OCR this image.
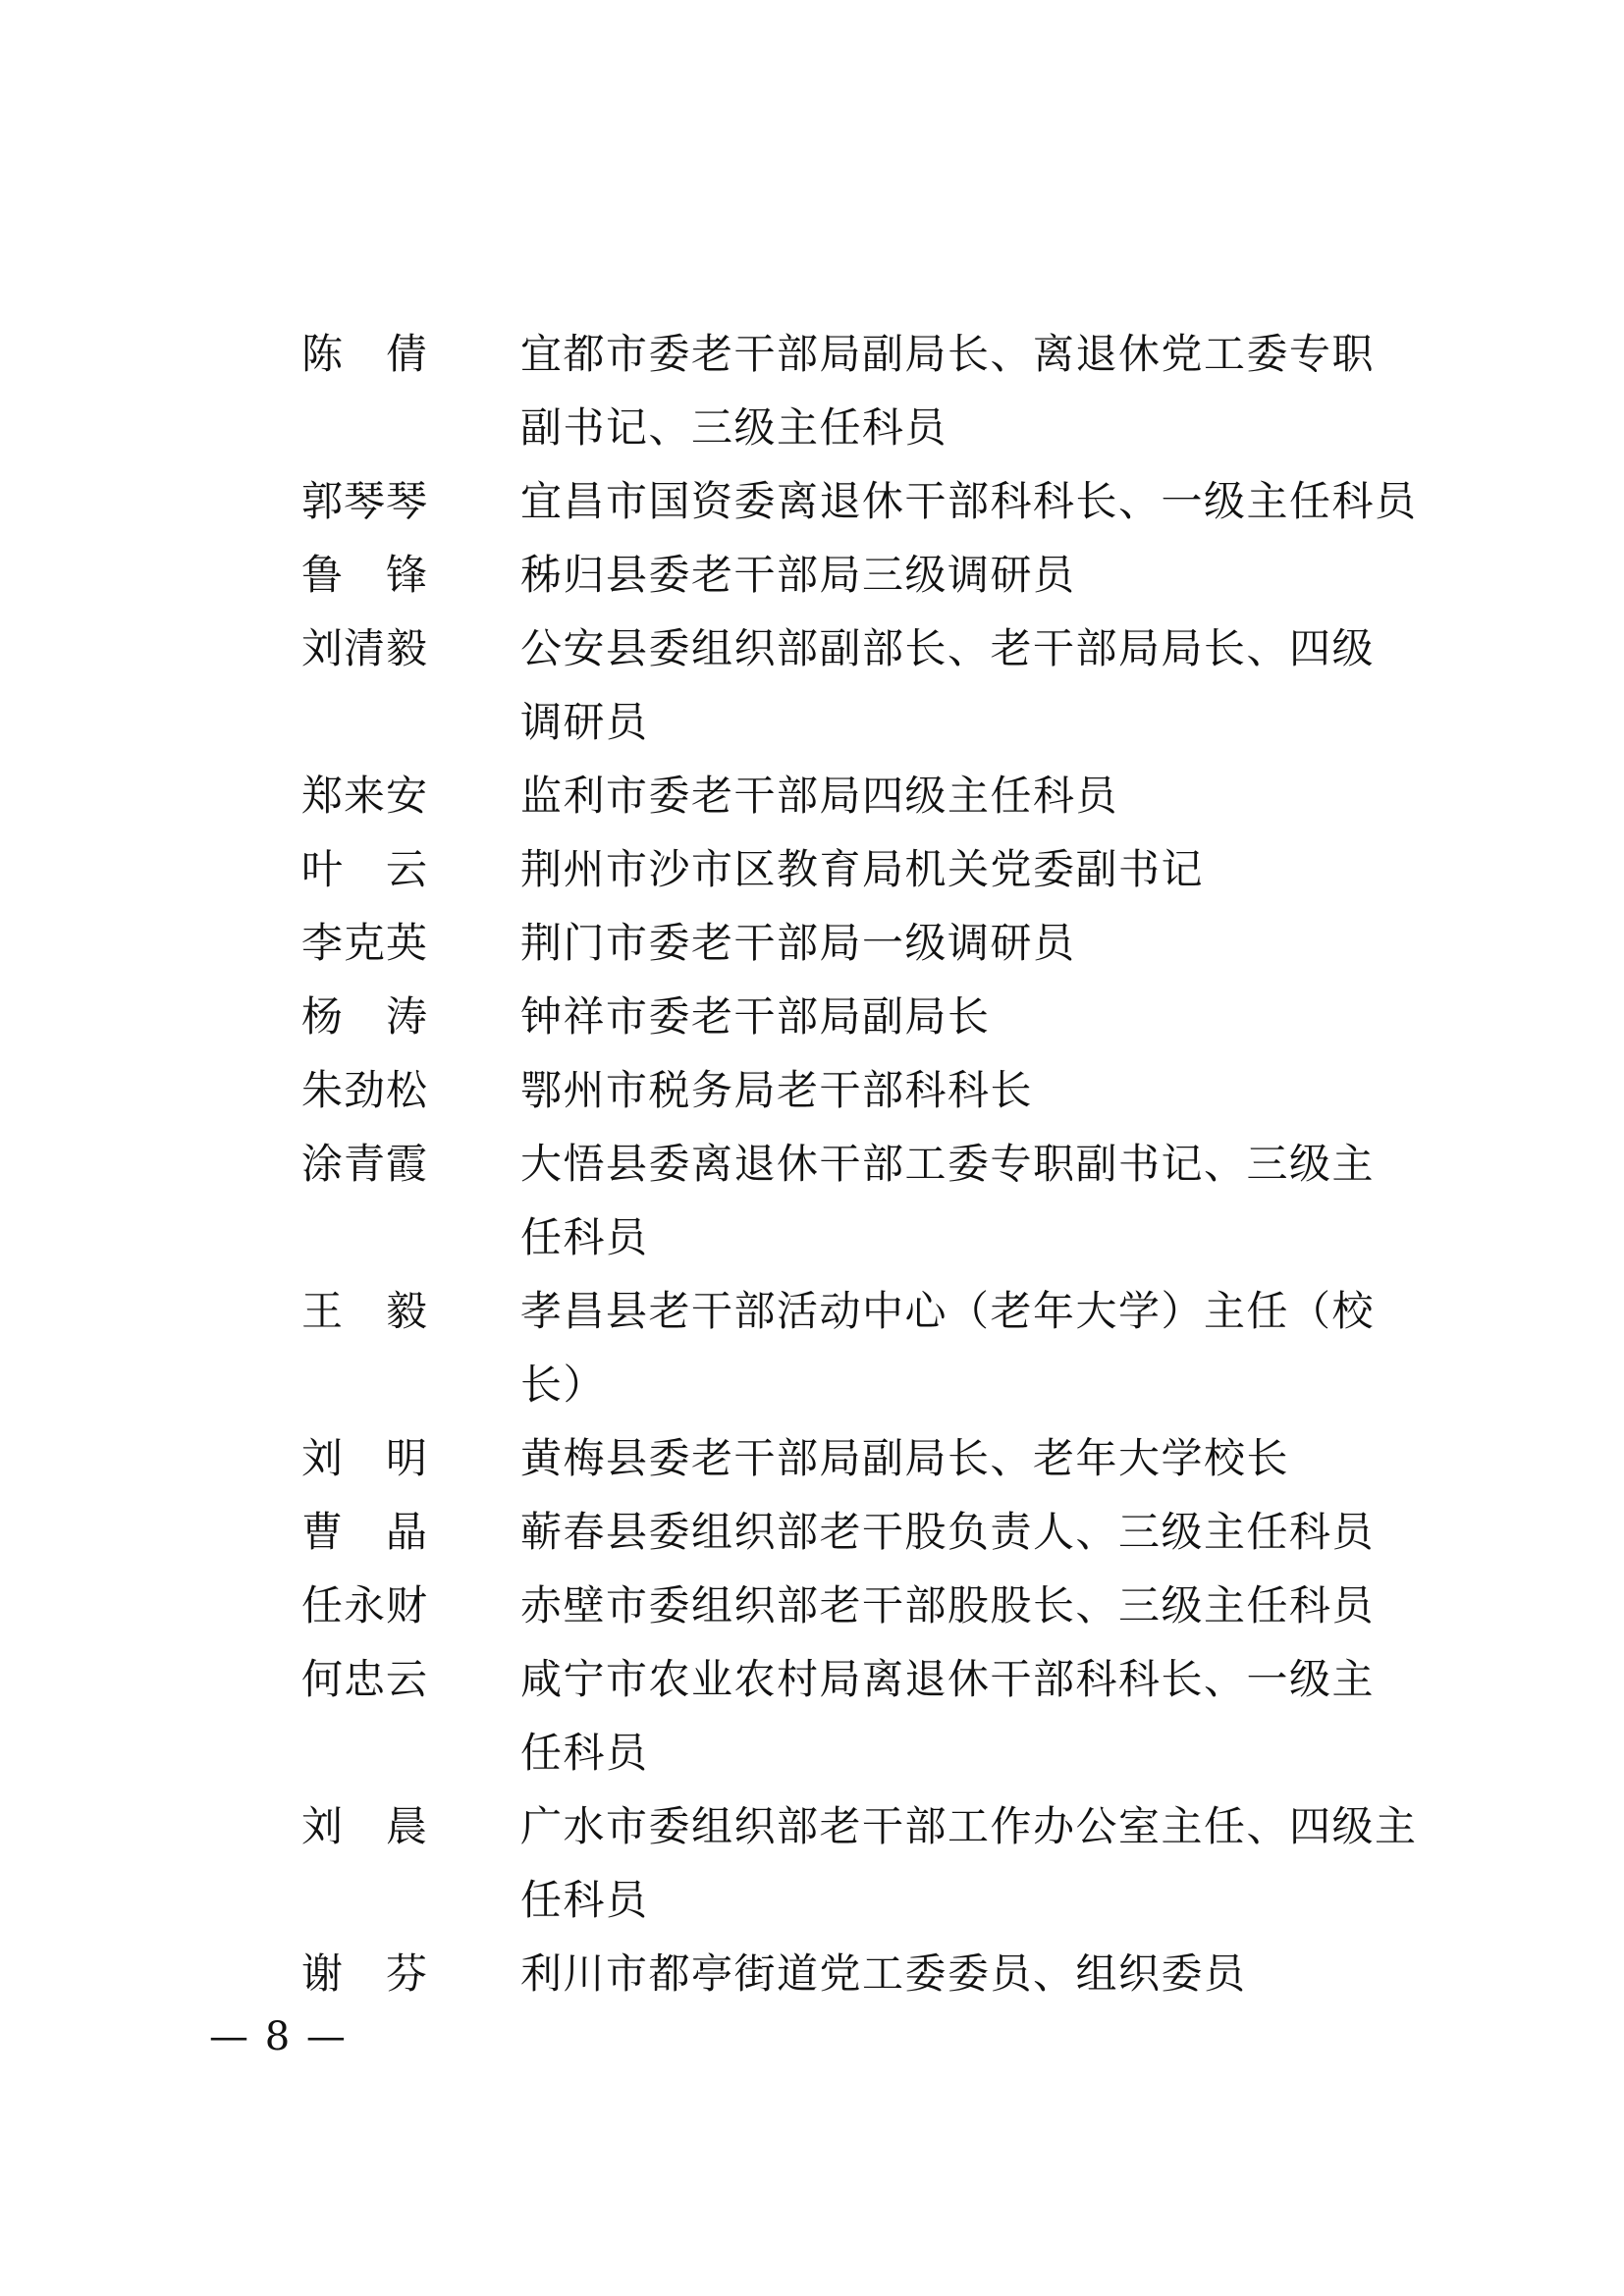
陈 倩 宜都市委老干部局副局长、离退休党工委专职
副书记、三级主任科员
郭 琴 琴 宜昌市国资委离退休干部科科长、一级主任科员
鲁 锋 秭归县委老干部局三级调研员
刘 清 毅 公安县委组织部副部长、老干部局局长、四级
调研员
郑 来 安 监利市委老干部局四级主任科员
叶 云 荆州市沙市区教育局机关党委副书记
李 克 英 荆门市委老干部局一级调研员
杨 涛 钟祥市委老干部局副局长
朱 劲 松 鄂州市税务局老干部科科长
涂 青 霞 大悟县委离退休干部工委专职副书记、三级主
任科员
王 毅 孝昌县老干部活动中心（老年大学）主任（校
长）
刘 明 黄梅县委老干部局副局长、老年大学校长
曹 晶 蕲春县委组织部老干股负责人、三级主任科员
任 永 财 赤壁市委组织部老干部股股长、三级主任科员
何 忠 云 咸宁市农业农村局离退休干部科科长、一级主
任科员
刘 晨 广水市委组织部老干部工作办公室主任、四级主
任科员
谢 芬 利川市都亭街道党工委委员、组织委员
— 8 —
